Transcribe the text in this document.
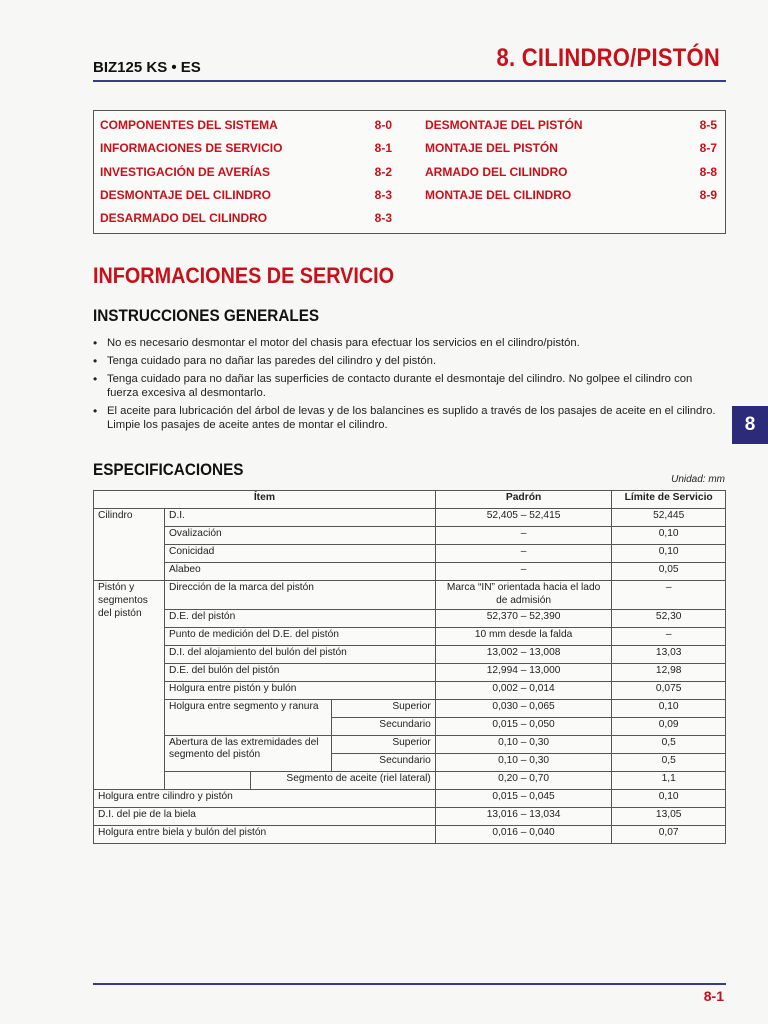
BIZ125 KS • ES	8. CILINDRO/PISTÓN
COMPONENTES DEL SISTEMA	8-0
INFORMACIONES DE SERVICIO	8-1
INVESTIGACIÓN DE AVERÍAS	8-2
DESMONTAJE DEL CILINDRO	8-3
DESARMADO DEL CILINDRO	8-3
DESMONTAJE DEL PISTÓN	8-5
MONTAJE DEL PISTÓN	8-7
ARMADO DEL CILINDRO	8-8
MONTAJE DEL CILINDRO	8-9
INFORMACIONES DE SERVICIO
INSTRUCCIONES GENERALES
• No es necesario desmontar el motor del chasis para efectuar los servicios en el cilindro/pistón.
• Tenga cuidado para no dañar las paredes del cilindro y del pistón.
• Tenga cuidado para no dañar las superficies de contacto durante el desmontaje del cilindro. No golpee el cilindro con fuerza excesiva al desmontarlo.
• El aceite para lubricación del árbol de levas y de los balancines es suplido a través de los pasajes de aceite en el cilindro. Limpie los pasajes de aceite antes de montar el cilindro.	8
ESPECIFICACIONES
Unidad: mm
Ítem				Padrón	Límite de Servicio
Cilindro	D.I.			52,405 – 52,415	52,445
	Ovalización			–	0,10
	Conicidad			–	0,10
	Alabeo			–	0,05
Pistón y segmentos del pistón	Dirección de la marca del pistón			Marca “IN” orientada hacia el lado de admisión	–
	D.E. del pistón			52,370 – 52,390	52,30
	Punto de medición del D.E. del pistón			10 mm desde la falda	–
	D.I. del alojamiento del bulón del pistón			13,002 – 13,008	13,03
	D.E. del bulón del pistón			12,994 – 13,000	12,98
	Holgura entre pistón y bulón			0,002 – 0,014	0,075
	Holgura entre segmento y ranura		Superior	0,030 – 0,065	0,10
			Secundario	0,015 – 0,050	0,09
	Abertura de las extremidades del segmento del pistón		Superior	0,10 – 0,30	0,5
			Secundario	0,10 – 0,30	0,5
		Segmento de aceite (riel lateral)		0,20 – 0,70	1,1
Holgura entre cilindro y pistón				0,015 – 0,045	0,10
D.I. del pie de la biela				13,016 – 13,034	13,05
Holgura entre biela y bulón del pistón				0,016 – 0,040	0,07
8-1
